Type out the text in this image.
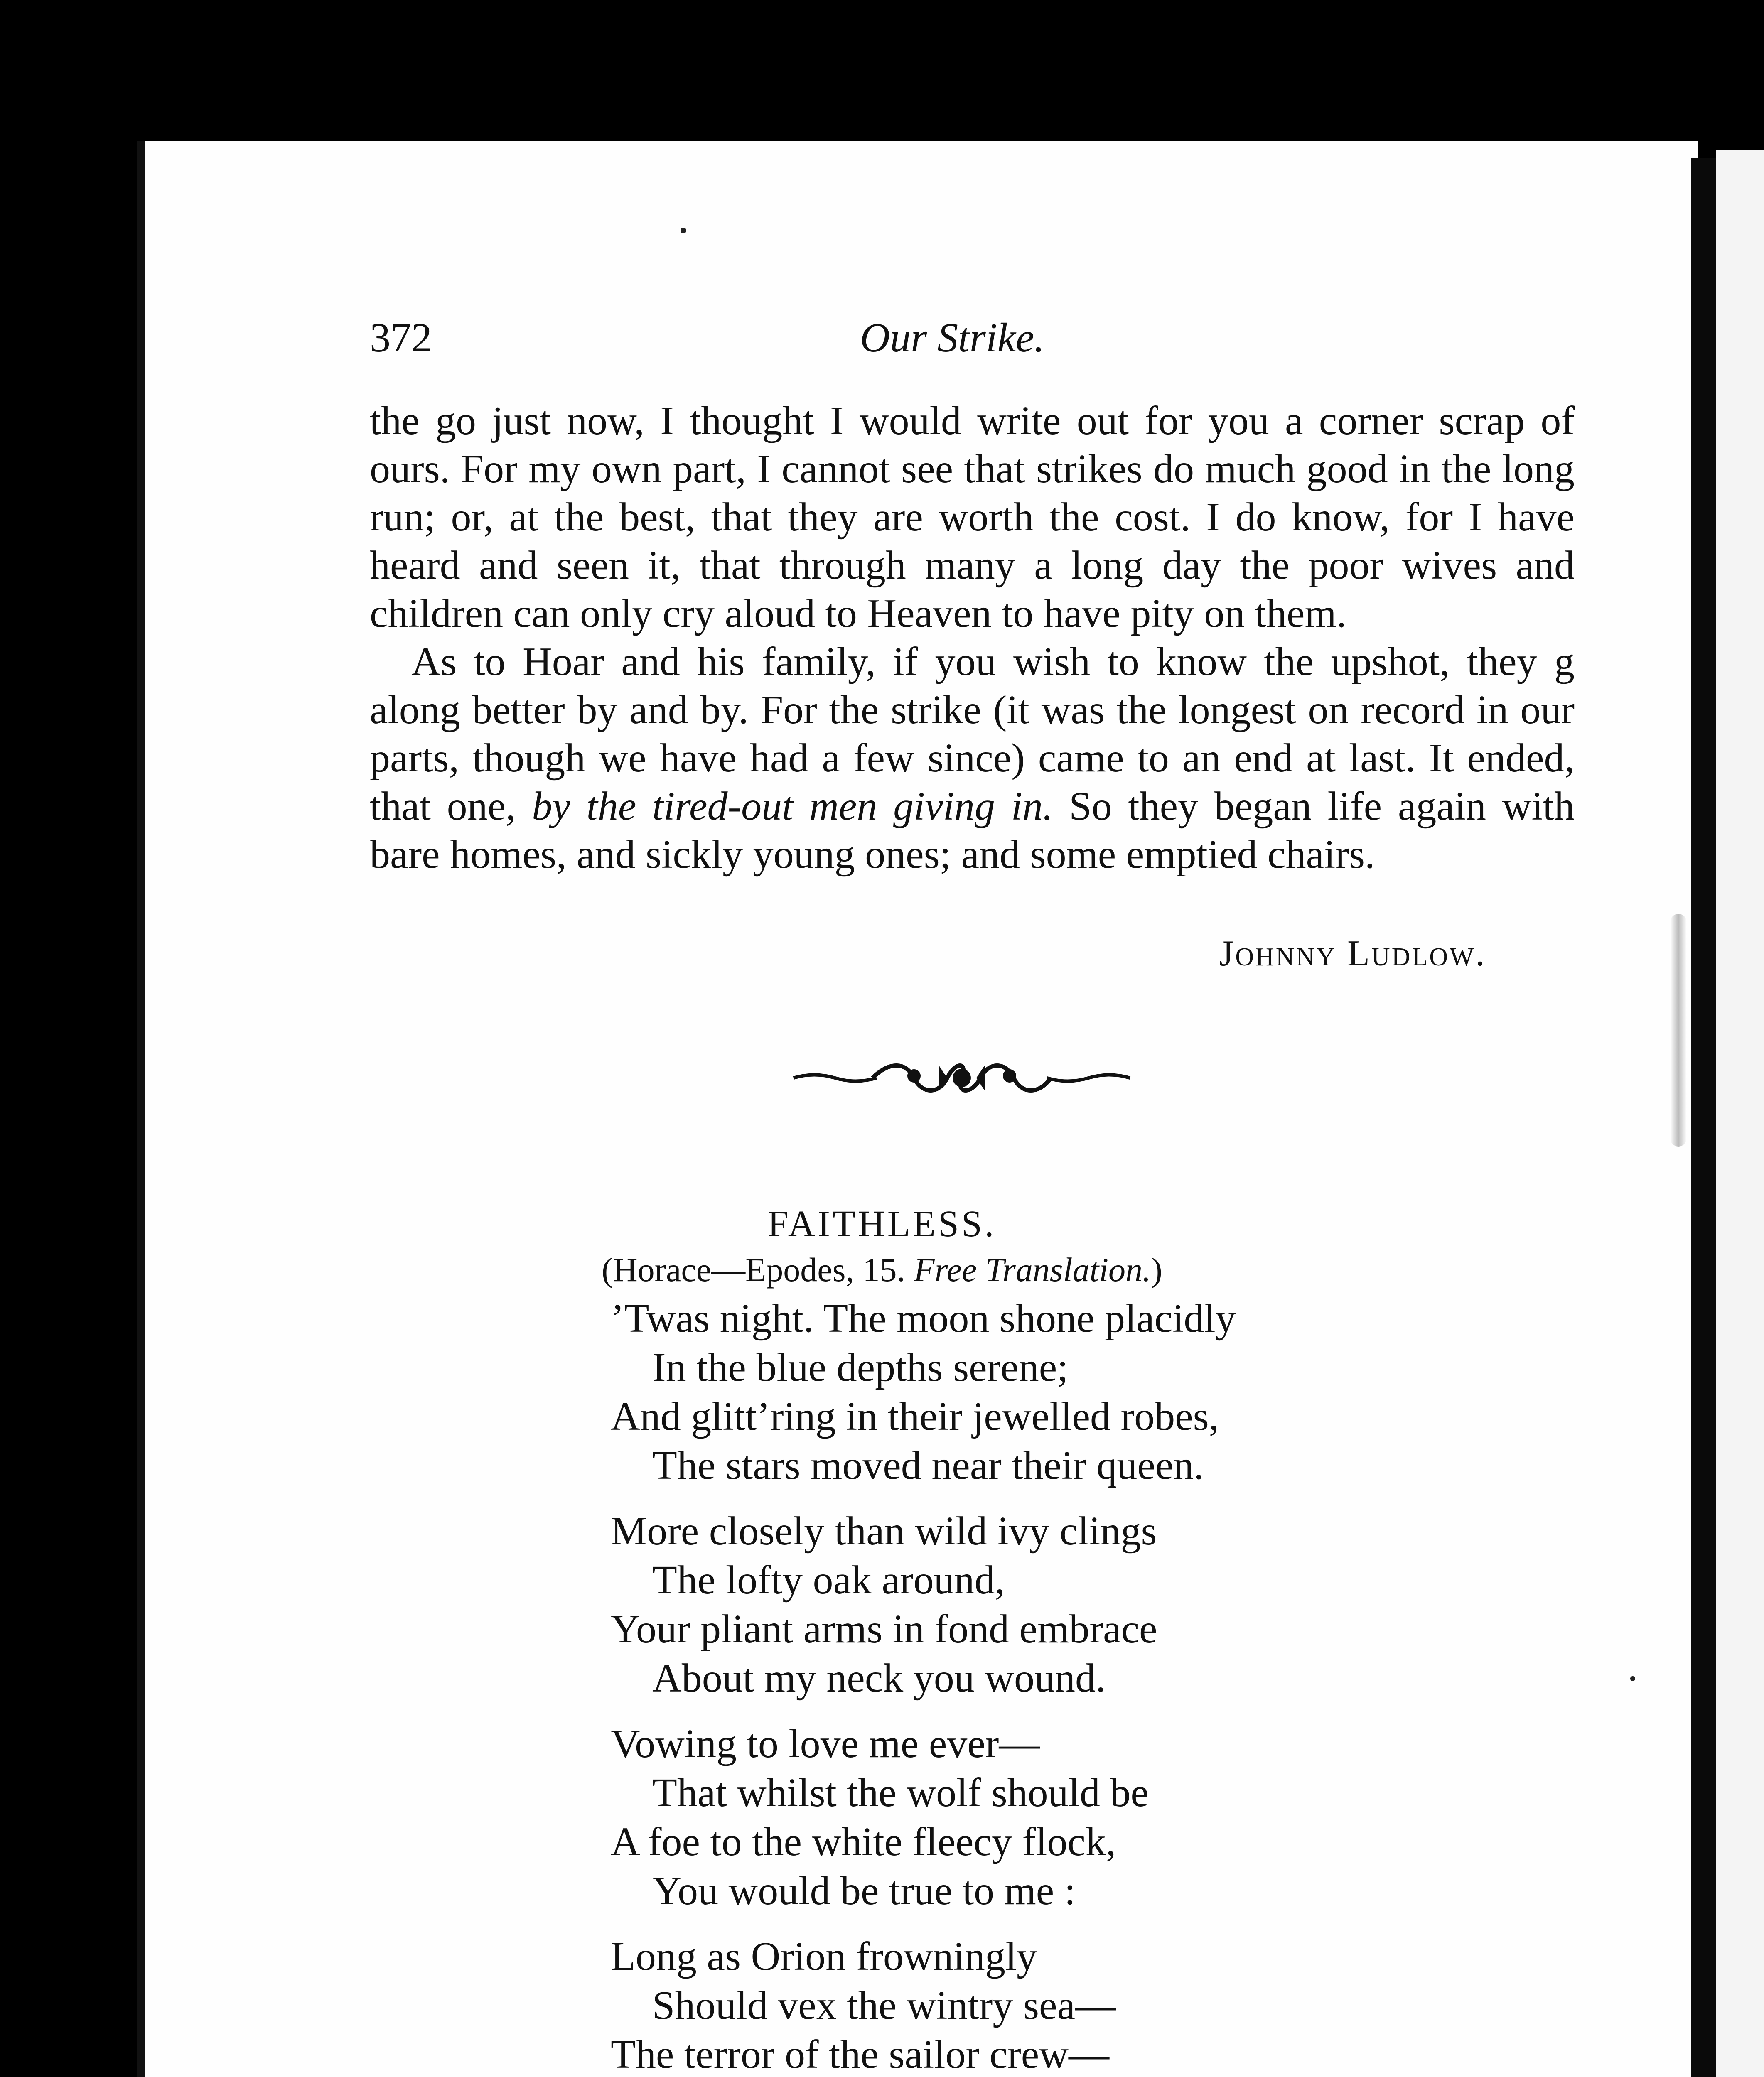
372	Our Strike.

the go just now, I thought I would write out for you a corner scrap of ours. For my own part, I cannot see that strikes do much good in the long run; or, at the best, that they are worth the cost. I do know, for I have heard and seen it, that through many a long day the poor wives and children can only cry aloud to Heaven to have pity on them.

As to Hoar and his family, if you wish to know the upshot, they g along better by and by. For the strike (it was the longest on record in our parts, though we have had a few since) came to an end at last. It ended, that one, by the tired-out men giving in. So they began life again with bare homes, and sickly young ones; and some emptied chairs.

Johnny Ludlow.
FAITHLESS.
(Horace—Epodes, 15. Free Translation.)
’Twas night. The moon shone placidly
In the blue depths serene;
And glitt’ring in their jewelled robes,
The stars moved near their queen.
More closely than wild ivy clings
The lofty oak around,
Your pliant arms in fond embrace
About my neck you wound.
Vowing to love me ever—
That whilst the wolf should be
A foe to the white fleecy flock,
You would be true to me :
Long as Orion frowningly
Should vex the wintry sea—
The terror of the sailor crew—
